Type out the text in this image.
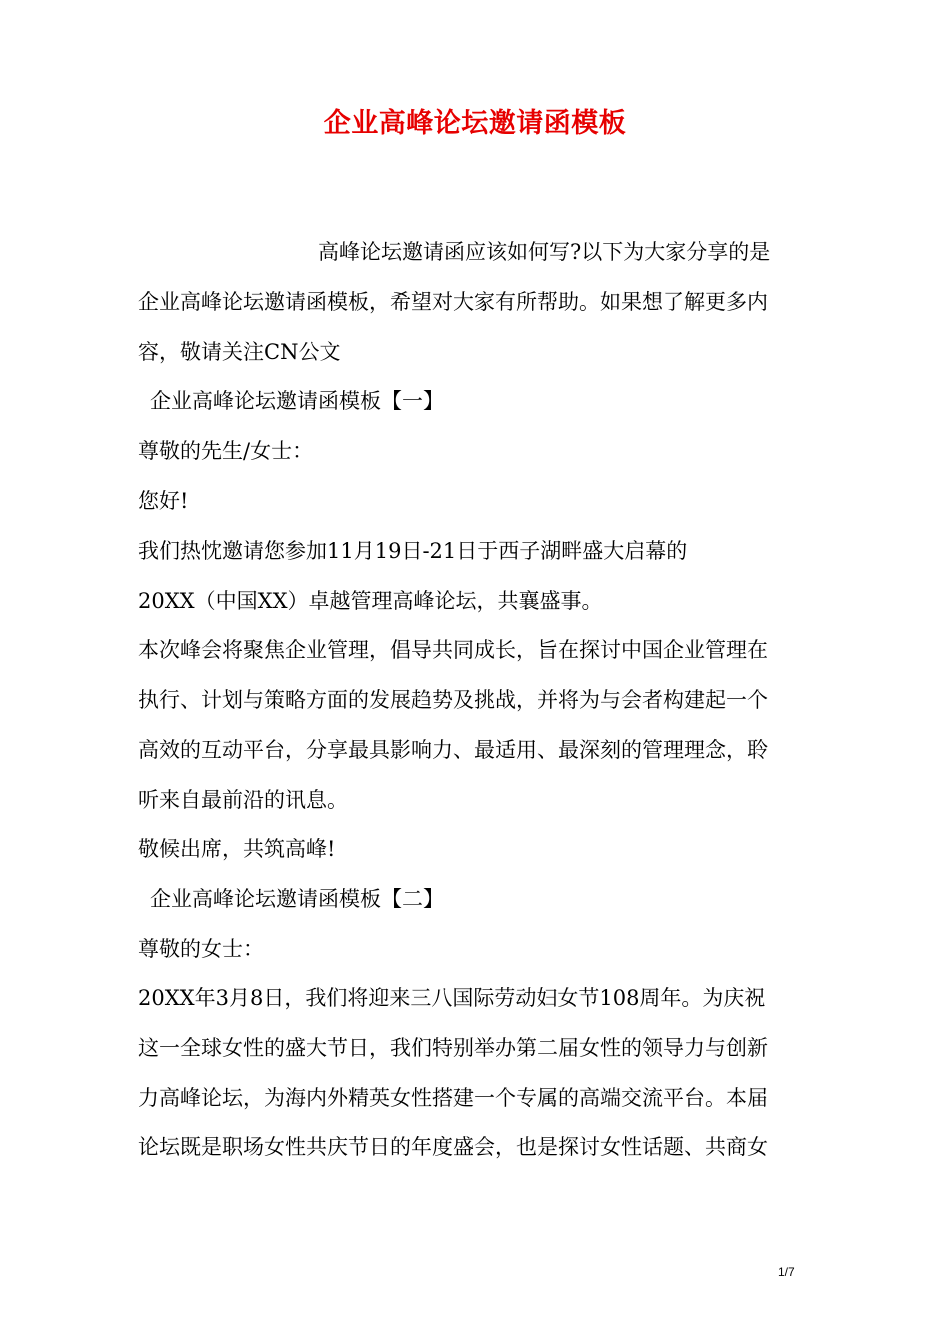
企业高峰论坛邀请函模板
高峰论坛邀请函应该如何写?以下为大家分享的是
企业高峰论坛邀请函模板，希望对大家有所帮助。如果想了解更多内
容，敬请关注CN公文
企业高峰论坛邀请函模板【一】
尊敬的先生/女士：
您好!
我们热忱邀请您参加11月19日-21日于西子湖畔盛大启幕的
20XX（中国XX）卓越管理高峰论坛，共襄盛事。
本次峰会将聚焦企业管理，倡导共同成长，旨在探讨中国企业管理在
执行、计划与策略方面的发展趋势及挑战，并将为与会者构建起一个
高效的互动平台，分享最具影响力、最适用、最深刻的管理理念，聆
听来自最前沿的讯息。
敬候出席，共筑高峰!
企业高峰论坛邀请函模板【二】
尊敬的女士：
20XX年3月8日，我们将迎来三八国际劳动妇女节108周年。为庆祝
这一全球女性的盛大节日，我们特别举办第二届女性的领导力与创新
力高峰论坛，为海内外精英女性搭建一个专属的高端交流平台。本届
论坛既是职场女性共庆节日的年度盛会，也是探讨女性话题、共商女
1/7
